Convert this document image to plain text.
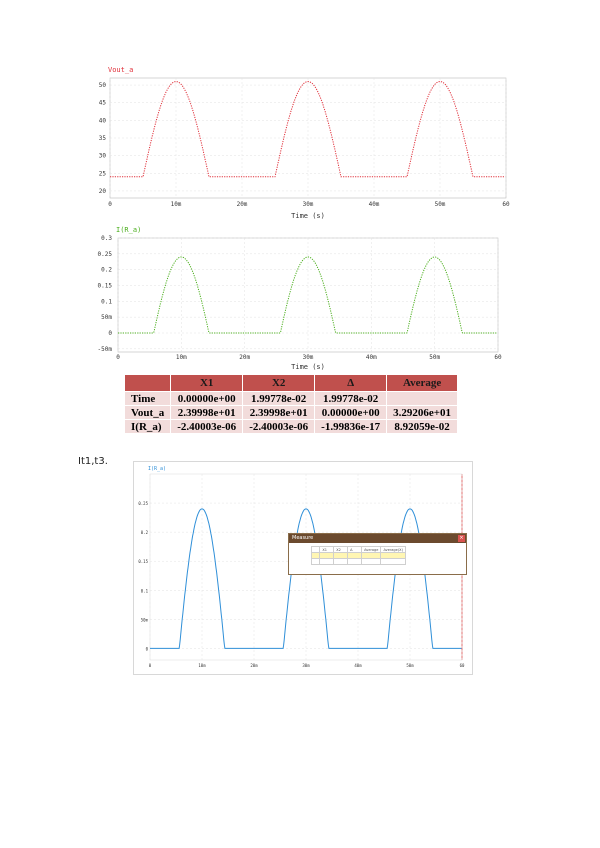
Vout_a
50
45
40
35
30
25
20
0	10m	20m	30m	40m	50m	60
Time (s)
I(R_a)
0.3
0.25
0.2
0.15
0.1
50m
0
-50m
0	10m	20m	30m	40m	50m	60
Time (s)
	X1	X2	Δ	Average
Time	0.00000e+00	1.99778e-02	1.99778e-02	
Vout_a	2.39998e+01	2.39998e+01	0.00000e+00	3.29206e+01
I(R_a)	-2.40003e-06	-2.40003e-06	-1.99836e-17	8.92059e-02
It1,t3.
I(R_a)
0.25
0.2
0.15
0.1
50m
0
0	10m	20m	30m	40m	50m	60
Measure	×
	X1	X2	Δ	Average	Average(X)
